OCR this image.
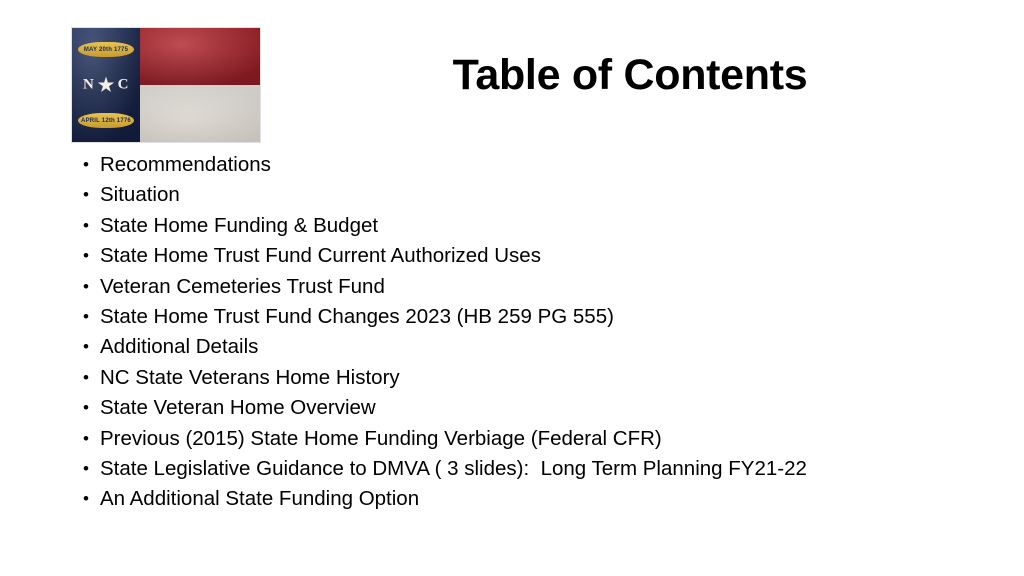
MAY 20th 1775
N C
APRIL 12th 1776
Table of Contents
• Recommendations
• Situation
• State Home Funding & Budget
• State Home Trust Fund Current Authorized Uses
• Veteran Cemeteries Trust Fund
• State Home Trust Fund Changes 2023 (HB 259 PG 555)
• Additional Details
• NC State Veterans Home History
• State Veteran Home Overview
• Previous (2015) State Home Funding Verbiage (Federal CFR)
• State Legislative Guidance to DMVA ( 3 slides):  Long Term Planning FY21-22
• An Additional State Funding Option
